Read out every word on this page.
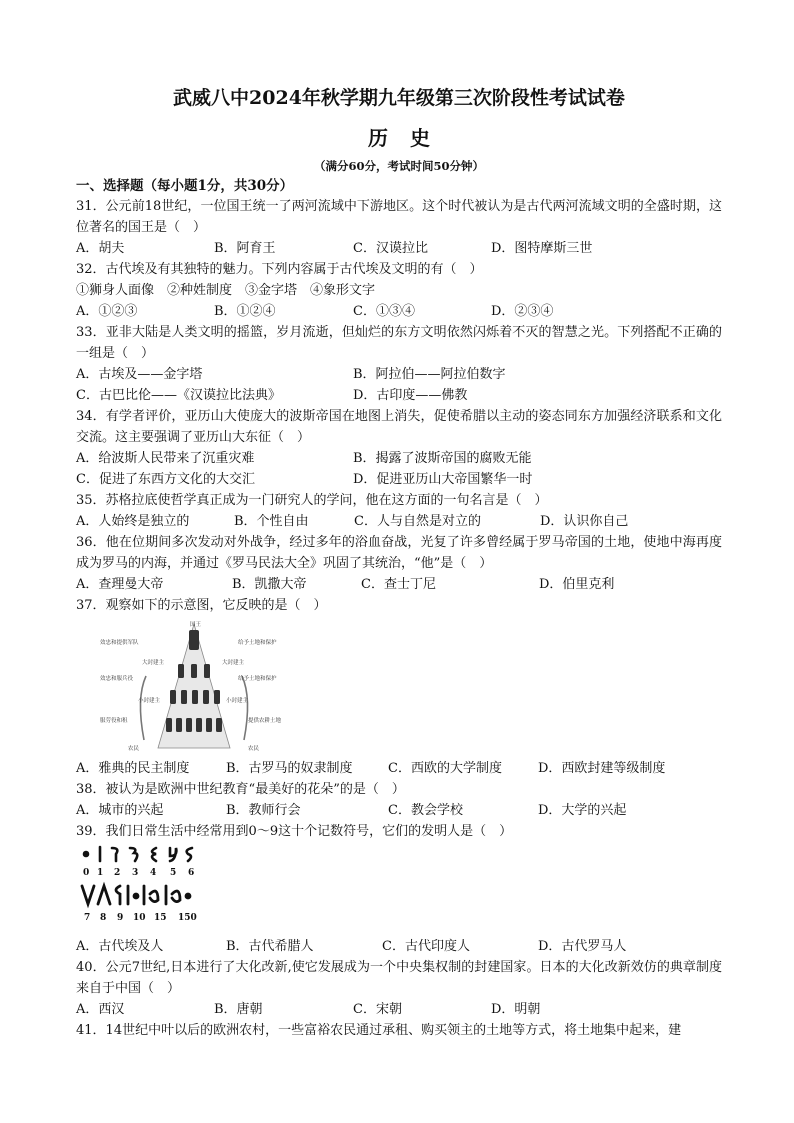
武威八中2024年秋学期九年级第三次阶段性考试试卷
历史
（满分60分，考试时间50分钟）
一、选择题（每小题1分，共30分）
31．公元前18世纪，一位国王统一了两河流域中下游地区。这个时代被认为是古代两河流域文明的全盛时期，这位著名的国王是（　）
A．胡夫	B．阿育王	C．汉谟拉比	D．图特摩斯三世
32．古代埃及有其独特的魅力。下列内容属于古代埃及文明的有（　）
①狮身人面像　②种姓制度　③金字塔　④象形文字
A．①②③	B．①②④	C．①③④	D．②③④
33．亚非大陆是人类文明的摇篮，岁月流逝，但灿烂的东方文明依然闪烁着不灭的智慧之光。下列搭配不正确的一组是（　）
A．古埃及——金字塔	B．阿拉伯——阿拉伯数字
C．古巴比伦——《汉谟拉比法典》	D．古印度——佛教
34．有学者评价，亚历山大使庞大的波斯帝国在地图上消失，促使希腊以主动的姿态同东方加强经济联系和文化交流。这主要强调了亚历山大东征（　）
A．给波斯人民带来了沉重灾难	B．揭露了波斯帝国的腐败无能
C．促进了东西方文化的大交汇	D．促进亚历山大帝国繁华一时
35．苏格拉底使哲学真正成为一门研究人的学问，他在这方面的一句名言是（　）
A．人始终是独立的	B．个性自由	C．人与自然是对立的	D．认识你自己
36．他在位期间多次发动对外战争，经过多年的浴血奋战，光复了许多曾经属于罗马帝国的土地，使地中海再度成为罗马的内海，并通过《罗马民法大全》巩固了其统治，“他”是（　）
A．查理曼大帝	B．凯撒大帝	C．查士丁尼	D．伯里克利
37．观察如下的示意图，它反映的是（　）
国王
效忠和提供军队	给予土地和保护
大封建主	大封建主
效忠和服兵役	给予土地和保护
小封建主	小封建主
服劳役和租	提供农耕土地
农民	农民
A．雅典的民主制度	B．古罗马的奴隶制度	C．西欧的大学制度	D．西欧封建等级制度
38．被认为是欧洲中世纪教育“最美好的花朵”的是（　）
A．城市的兴起	B．教师行会	C．教会学校	D．大学的兴起
39．我们日常生活中经常用到0～9这十个记数符号，它们的发明人是（　）
0 1 2 3 4 5 6
7 8 9 10 15 150
A．古代埃及人	B．古代希腊人	C．古代印度人	D．古代罗马人
40．公元7世纪,日本进行了大化改新,使它发展成为一个中央集权制的封建国家。日本的大化改新效仿的典章制度来自于中国（　）
A．西汉	B．唐朝	C．宋朝	D．明朝
41．14世纪中叶以后的欧洲农村，一些富裕农民通过承租、购买领主的土地等方式，将土地集中起来，建
